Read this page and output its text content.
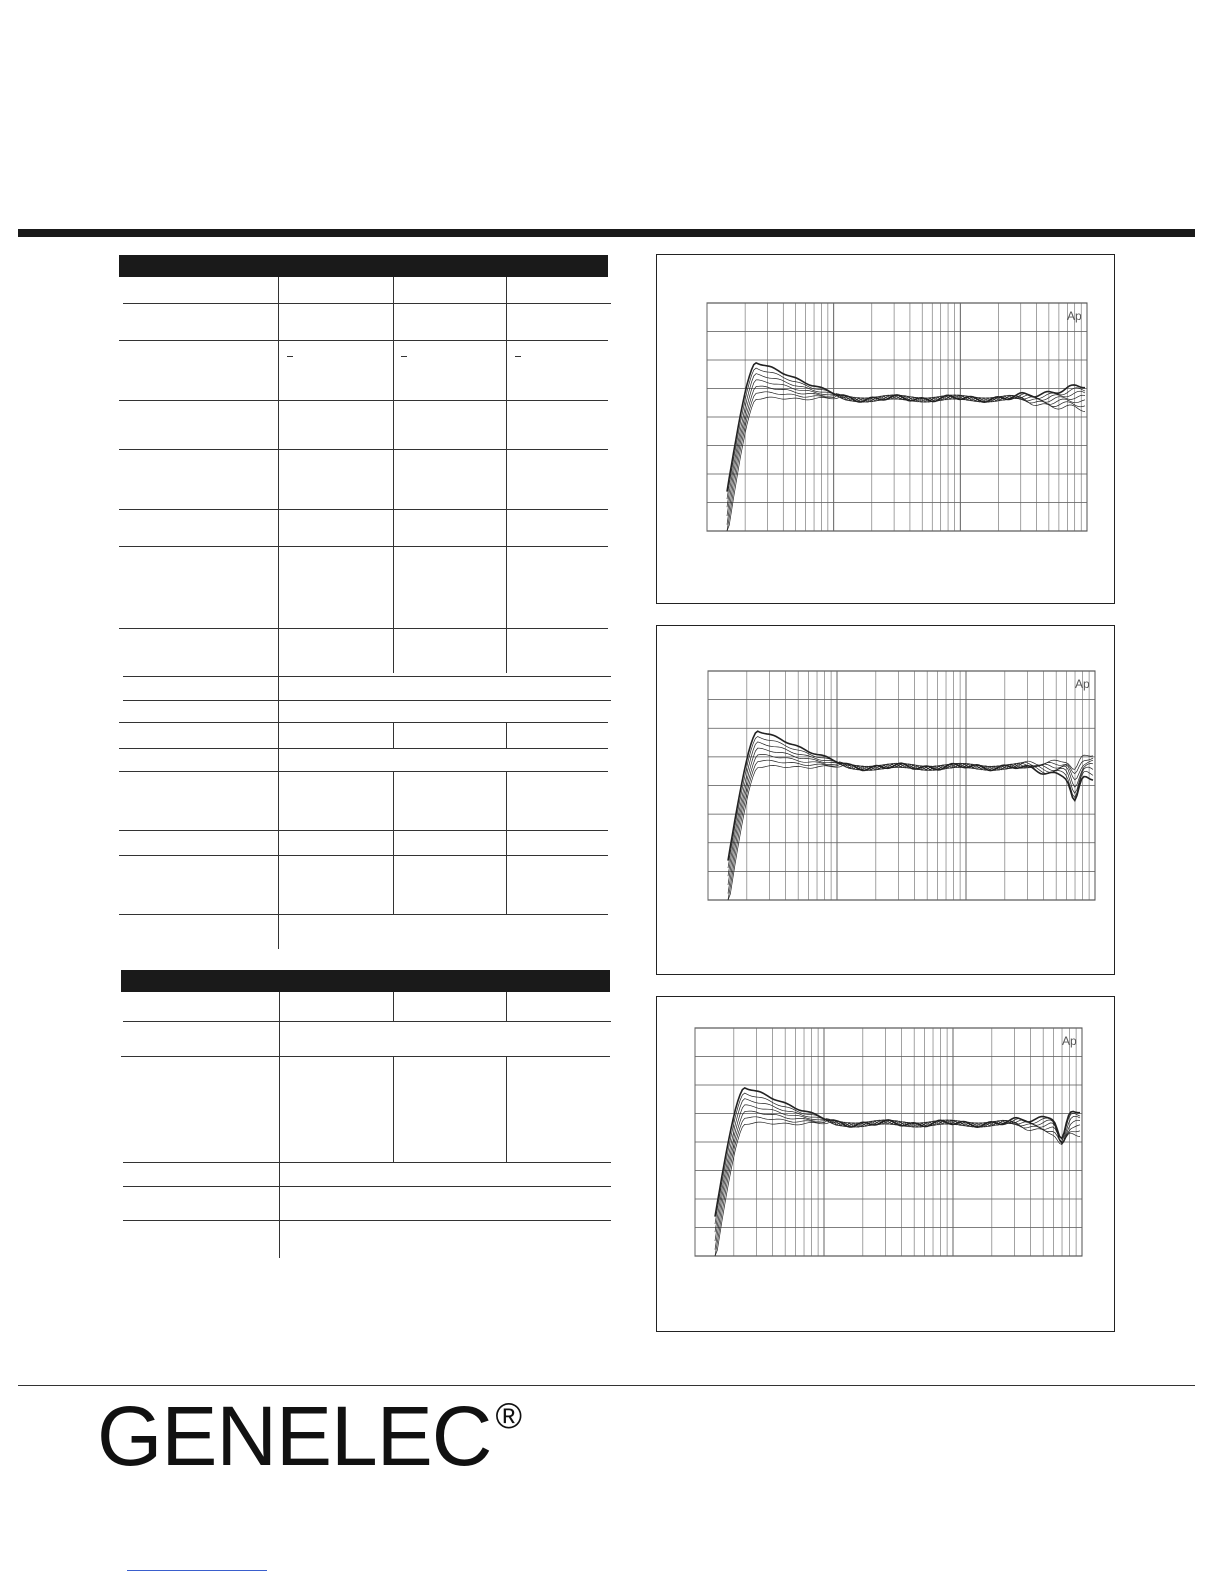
Ap
Ap
Ap
GENELEC ®
